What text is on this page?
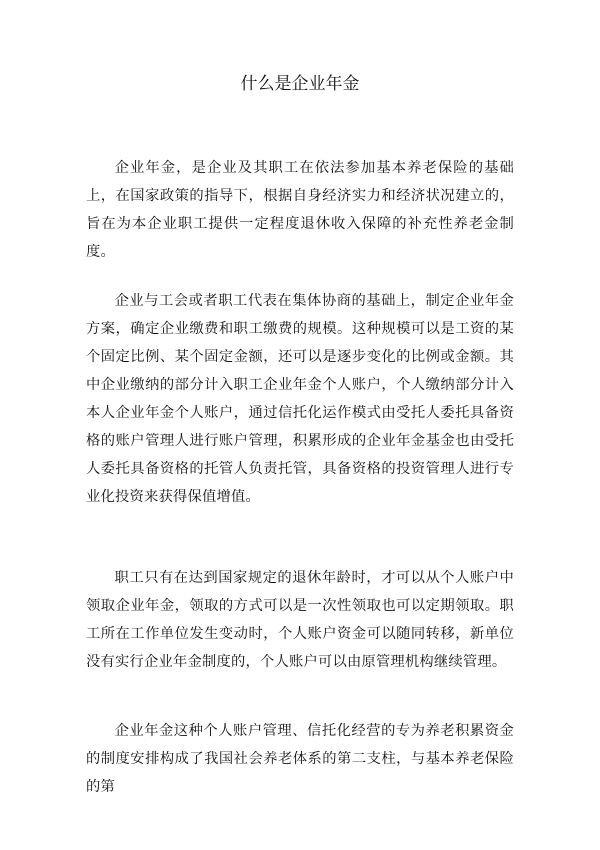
什么是企业年金

企业年金，是企业及其职工在依法参加基本养老保险的基础上，在国家政策的指导下，根据自身经济实力和经济状况建立的，旨在为本企业职工提供一定程度退休收入保障的补充性养老金制度。

企业与工会或者职工代表在集体协商的基础上，制定企业年金方案，确定企业缴费和职工缴费的规模。这种规模可以是工资的某个固定比例、某个固定金额，还可以是逐步变化的比例或金额。其中企业缴纳的部分计入职工企业年金个人账户，个人缴纳部分计入本人企业年金个人账户，通过信托化运作模式由受托人委托具备资格的账户管理人进行账户管理，积累形成的企业年金基金也由受托人委托具备资格的托管人负责托管，具备资格的投资管理人进行专业化投资来获得保值增值。

职工只有在达到国家规定的退休年龄时，才可以从个人账户中领取企业年金，领取的方式可以是一次性领取也可以定期领取。职工所在工作单位发生变动时，个人账户资金可以随同转移，新单位没有实行企业年金制度的，个人账户可以由原管理机构继续管理。

企业年金这种个人账户管理、信托化经营的专为养老积累资金的制度安排构成了我国社会养老体系的第二支柱，与基本养老保险的第
